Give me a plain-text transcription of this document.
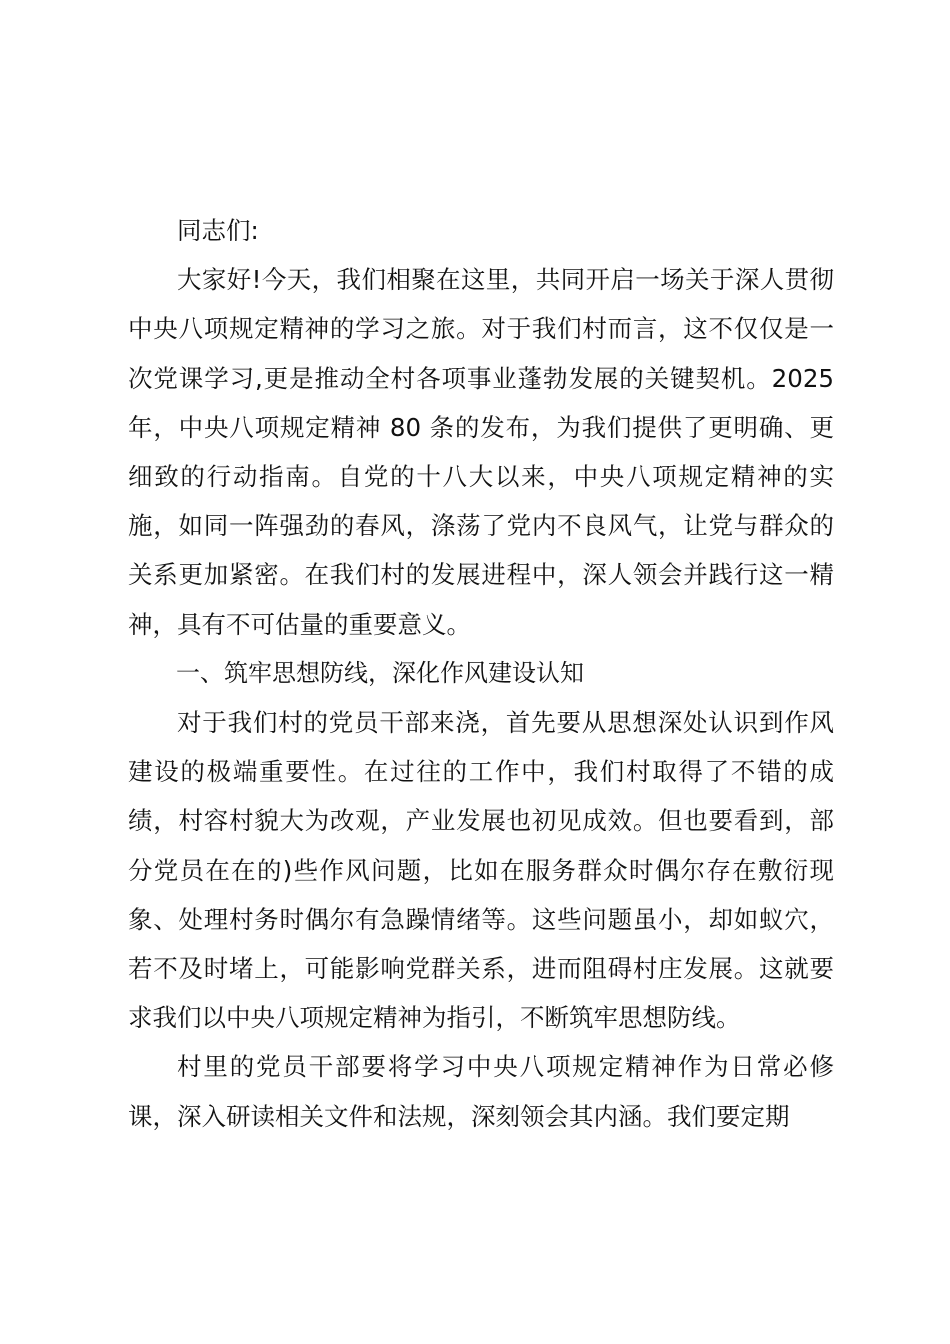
同志们:

大家好!今天，我们相聚在这里，共同开启一场关于深人贯彻中央八项规定精神的学习之旅。对于我们村而言，这不仅仅是一次党课学习,更是推动全村各项事业蓬勃发展的关键契机。2025 年，中央八项规定精神 80 条的发布，为我们提供了更明确、更细致的行动指南。自党的十八大以来，中央八项规定精神的实施，如同一阵强劲的春风，涤荡了党内不良风气，让党与群众的关系更加紧密。在我们村的发展进程中，深人领会并践行这一精神，具有不可估量的重要意义。

一、筑牢思想防线，深化作风建设认知

对于我们村的党员干部来浇，首先要从思想深处认识到作风建设的极端重要性。在过往的工作中，我们村取得了不错的成绩，村容村貌大为改观，产业发展也初见成效。但也要看到，部分党员在在的)些作风问题，比如在服务群众时偶尔存在敷衍现象、处理村务时偶尔有急躁情绪等。这些问题虽小，却如蚁穴，若不及时堵上，可能影响党群关系，进而阻碍村庄发展。这就要求我们以中央八项规定精神为指引，不断筑牢思想防线。

村里的党员干部要将学习中央八项规定精神作为日常必修课，深入研读相关文件和法规，深刻领会其内涵。我们要定期
